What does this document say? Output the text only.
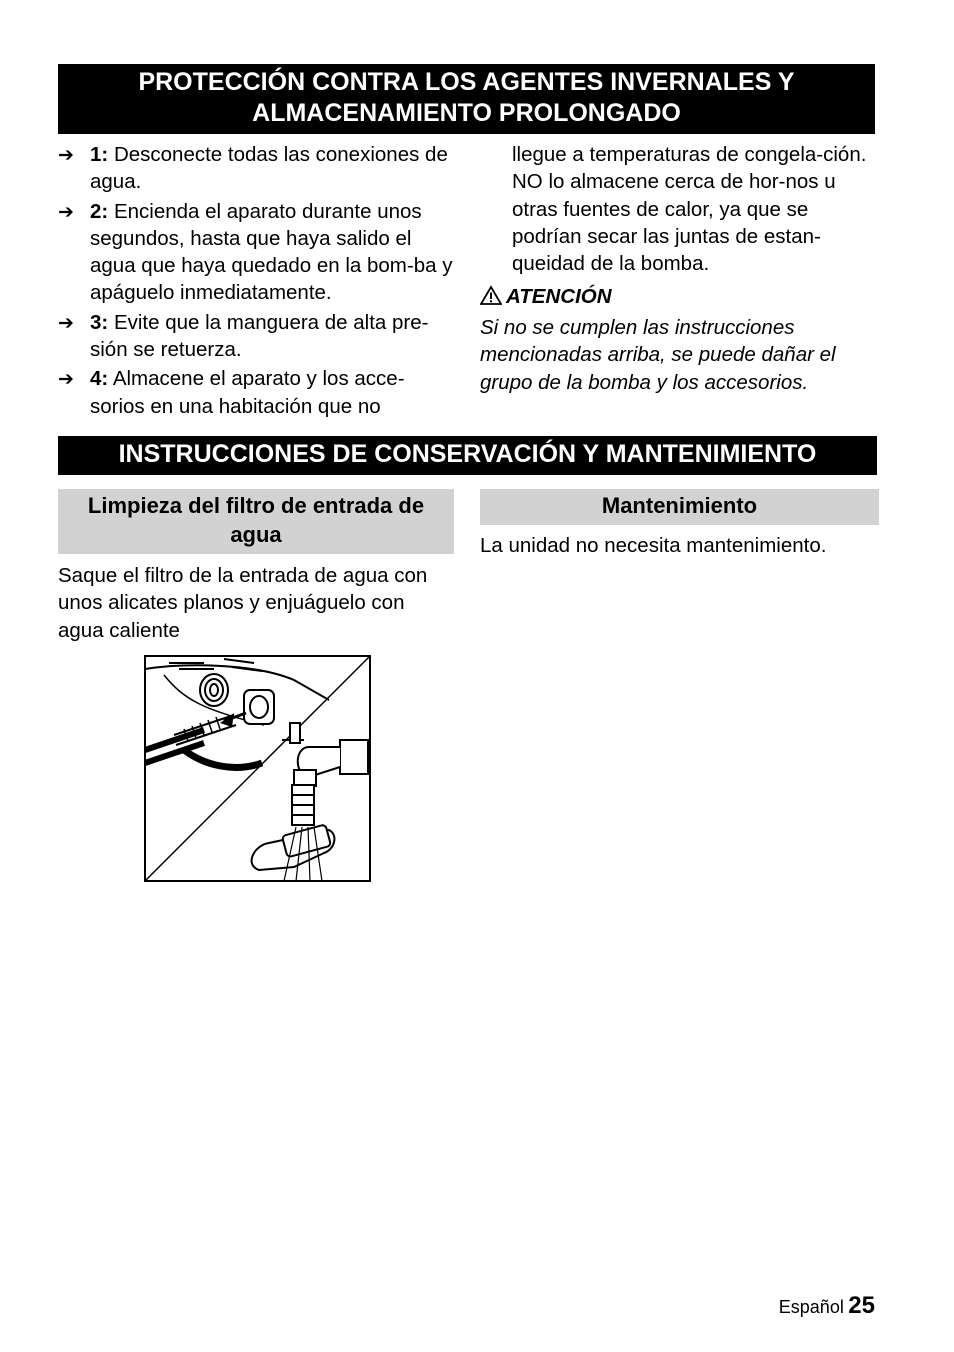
PROTECCIÓN CONTRA LOS AGENTES INVERNALES Y
ALMACENAMIENTO PROLONGADO

➔ 1: Desconecte todas las conexiones de agua.

➔ 2: Encienda el aparato durante unos segundos, hasta que haya salido el agua que haya quedado en la bom-ba y apáguelo inmediatamente.

➔ 3: Evite que la manguera de alta pre-sión se retuerza.

➔ 4: Almacene el aparato y los acce-sorios en una habitación que no

llegue a temperaturas de congela-ción. NO lo almacene cerca de hor-nos u otras fuentes de calor, ya que se podrían secar las juntas de estan-queidad de la bomba.
ATENCIÓN
Si no se cumplen las instrucciones mencionadas arriba, se puede dañar el grupo de la bomba y los accesorios.
INSTRUCCIONES DE CONSERVACIÓN Y MANTENIMIENTO
Limpieza del filtro de entrada de
agua
Saque el filtro de la entrada de agua con unos alicates planos y enjuáguelo con agua caliente
Mantenimiento
La unidad no necesita mantenimiento.
Español 25
